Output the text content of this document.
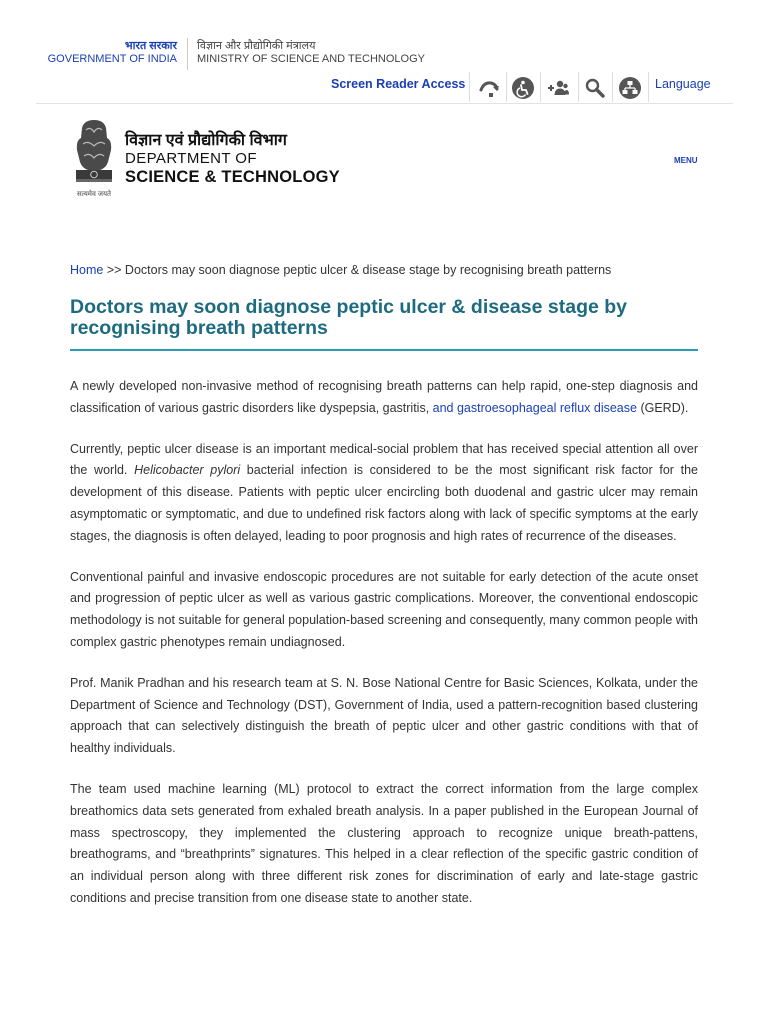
भारत सरकार
GOVERNMENT OF INDIA
विज्ञान और प्रौद्योगिकी मंत्रालय
MINISTRY OF SCIENCE AND TECHNOLOGY
Screen Reader Access	Language
सत्यमेव जयते
विज्ञान एवं प्रौद्योगिकी विभाग
DEPARTMENT OF
SCIENCE & TECHNOLOGY
MENU
Home >> Doctors may soon diagnose peptic ulcer & disease stage by recognising breath patterns
Doctors may soon diagnose peptic ulcer & disease stage by recognising breath patterns

A newly developed non-invasive method of recognising breath patterns can help rapid, one-step diagnosis and classification of various gastric disorders like dyspepsia, gastritis, and gastroesophageal reflux disease (GERD).

Currently, peptic ulcer disease is an important medical-social problem that has received special attention all over the world. Helicobacter pylori bacterial infection is considered to be the most significant risk factor for the development of this disease. Patients with peptic ulcer encircling both duodenal and gastric ulcer may remain asymptomatic or symptomatic, and due to undefined risk factors along with lack of specific symptoms at the early stages, the diagnosis is often delayed, leading to poor prognosis and high rates of recurrence of the diseases.

Conventional painful and invasive endoscopic procedures are not suitable for early detection of the acute onset and progression of peptic ulcer as well as various gastric complications. Moreover, the conventional endoscopic methodology is not suitable for general population-based screening and consequently, many common people with complex gastric phenotypes remain undiagnosed.

Prof. Manik Pradhan and his research team at S. N. Bose National Centre for Basic Sciences, Kolkata, under the Department of Science and Technology (DST), Government of India, used a pattern-recognition based clustering approach that can selectively distinguish the breath of peptic ulcer and other gastric conditions with that of healthy individuals.

The team used machine learning (ML) protocol to extract the correct information from the large complex breathomics data sets generated from exhaled breath analysis. In a paper published in the European Journal of mass spectroscopy, they implemented the clustering approach to recognize unique breath-pattens, breathograms, and “breathprints” signatures. This helped in a clear reflection of the specific gastric condition of an individual person along with three different risk zones for discrimination of early and late-stage gastric conditions and precise transition from one disease state to another state.
